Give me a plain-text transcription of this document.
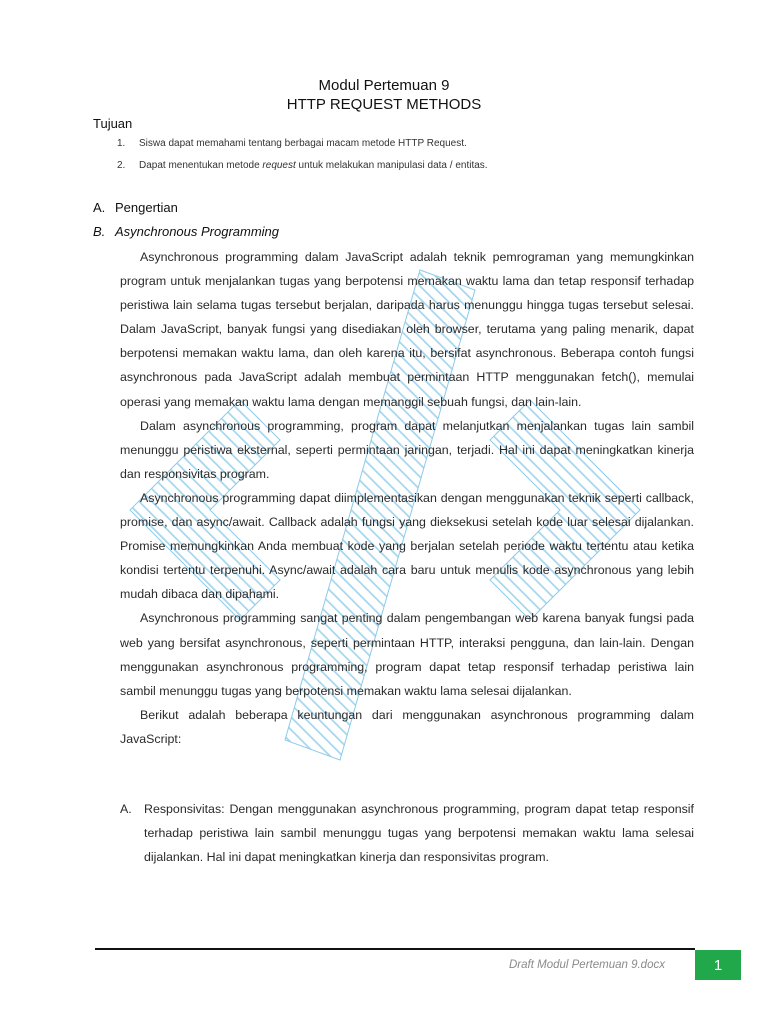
Modul Pertemuan 9
HTTP REQUEST METHODS
Tujuan
1.	Siswa dapat memahami tentang berbagai macam metode HTTP Request.
2.	Dapat menentukan metode request untuk melakukan manipulasi data / entitas.
A. Pengertian
B. Asynchronous Programming

Asynchronous programming dalam JavaScript adalah teknik pemrograman yang memungkinkan program untuk menjalankan tugas yang berpotensi memakan waktu lama dan tetap responsif terhadap peristiwa lain selama tugas tersebut berjalan, daripada harus menunggu hingga tugas tersebut selesai. Dalam JavaScript, banyak fungsi yang disediakan oleh browser, terutama yang paling menarik, dapat berpotensi memakan waktu lama, dan oleh karena itu, bersifat asynchronous. Beberapa contoh fungsi asynchronous pada JavaScript adalah membuat permintaan HTTP menggunakan fetch(), memulai operasi yang memakan waktu lama dengan memanggil sebuah fungsi, dan lain-lain.

Dalam asynchronous programming, program dapat melanjutkan menjalankan tugas lain sambil menunggu peristiwa eksternal, seperti permintaan jaringan, terjadi. Hal ini dapat meningkatkan kinerja dan responsivitas program.

Asynchronous programming dapat diimplementasikan dengan menggunakan teknik seperti callback, promise, dan async/await. Callback adalah fungsi yang dieksekusi setelah kode luar selesai dijalankan. Promise memungkinkan Anda membuat kode yang berjalan setelah periode waktu tertentu atau ketika kondisi tertentu terpenuhi. Async/await adalah cara baru untuk menulis kode asynchronous yang lebih mudah dibaca dan dipahami.

Asynchronous programming sangat penting dalam pengembangan web karena banyak fungsi pada web yang bersifat asynchronous, seperti permintaan HTTP, interaksi pengguna, dan lain-lain. Dengan menggunakan asynchronous programming, program dapat tetap responsif terhadap peristiwa lain sambil menunggu tugas yang berpotensi memakan waktu lama selesai dijalankan.

Berikut adalah beberapa keuntungan dari menggunakan asynchronous programming dalam JavaScript:

A. Responsivitas: Dengan menggunakan asynchronous programming, program dapat tetap responsif terhadap peristiwa lain sambil menunggu tugas yang berpotensi memakan waktu lama selesai dijalankan. Hal ini dapat meningkatkan kinerja dan responsivitas program.
Draft Modul Pertemuan 9.docx	1
